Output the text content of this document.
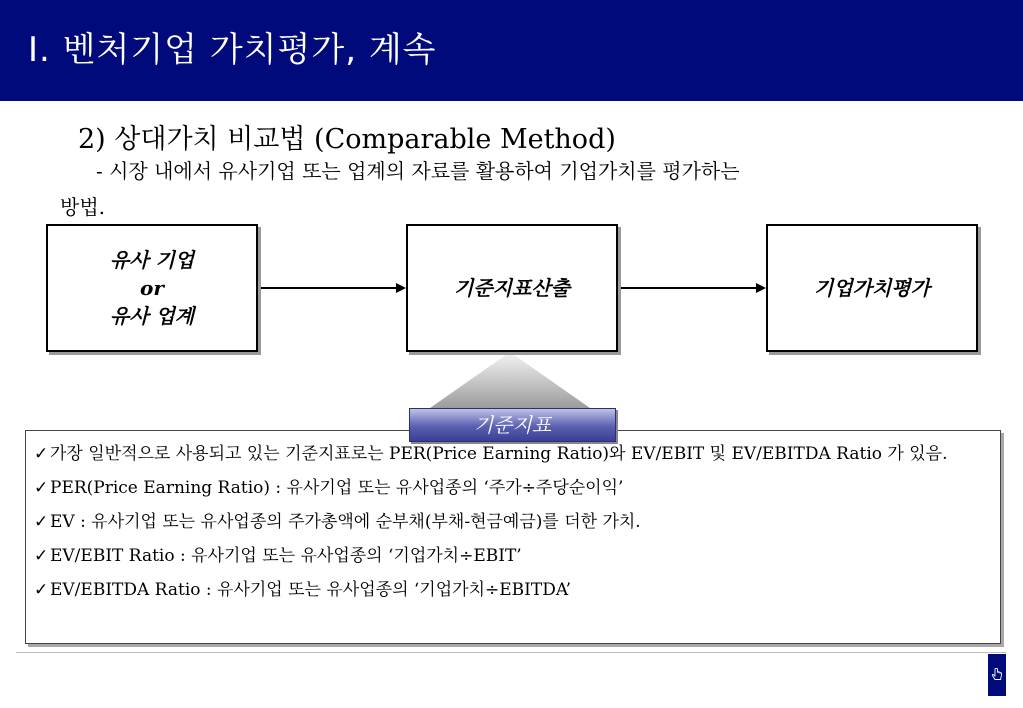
Ⅰ. 벤처기업 가치평가, 계속
2) 상대가치 비교법 (Comparable Method)
- 시장 내에서 유사기업 또는 업계의 자료를 활용하여 기업가치를 평가하는
방법.
유사 기업
or
유사 업계
기준지표산출	기업가치평가
✓ 가장 일반적으로 사용되고 있는 기준지표로는 PER(Price Earning Ratio)와 EV/EBIT 및 EV/EBITDA Ratio 가 있음.
✓ PER(Price Earning Ratio) : 유사기업 또는 유사업종의 ‘주가÷주당순이익’
✓ EV : 유사기업 또는 유사업종의 주가총액에 순부채(부채-현금예금)를 더한 가치.
✓ EV/EBIT Ratio : 유사기업 또는 유사업종의 ‘기업가치÷EBIT’
✓ EV/EBITDA Ratio : 유사기업 또는 유사업종의 ‘기업가치÷EBITDA’
기준지표
